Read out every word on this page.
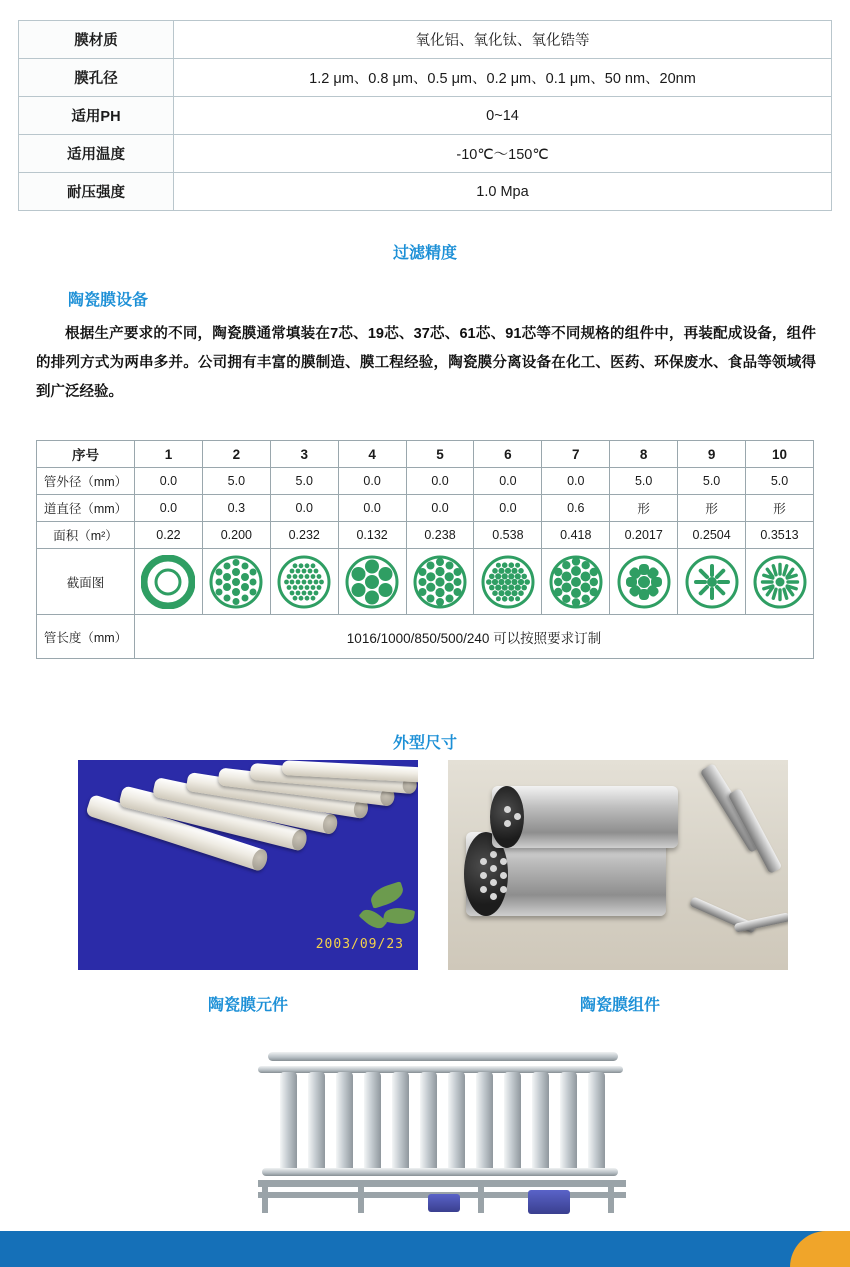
膜材质	氧化铝、氧化钛、氧化锆等
膜孔径	1.2 μm、0.8 μm、0.5 μm、0.2 μm、0.1 μm、50 nm、20nm
适用PH	0~14
适用温度	-10℃～150℃
耐压强度	1.0 Mpa
过滤精度
陶瓷膜设备
根据生产要求的不同，陶瓷膜通常填装在7芯、19芯、37芯、61芯、91芯等不同规格的组件中，再装配成设备，组件的排列方式为两串多并。公司拥有丰富的膜制造、膜工程经验，陶瓷膜分离设备在化工、医药、环保废水、食品等领域得到广泛经验。
序号	1	2	3	4	5	6	7	8	9	10
管外径（mm）	0.0	5.0	5.0	0.0	0.0	0.0	0.0	5.0	5.0	5.0
道直径（mm）	0.0	0.3	0.0	0.0	0.0	0.0	0.6	形	形	形
面积（m²）	0.22	0.200	0.232	0.132	0.238	0.538	0.418	0.2017	0.2504	0.3513
截面图	

管长度（mm）	1016/1000/850/500/240 可以按照要求订制									
外型尺寸
2003/09/23
陶瓷膜元件	陶瓷膜组件
